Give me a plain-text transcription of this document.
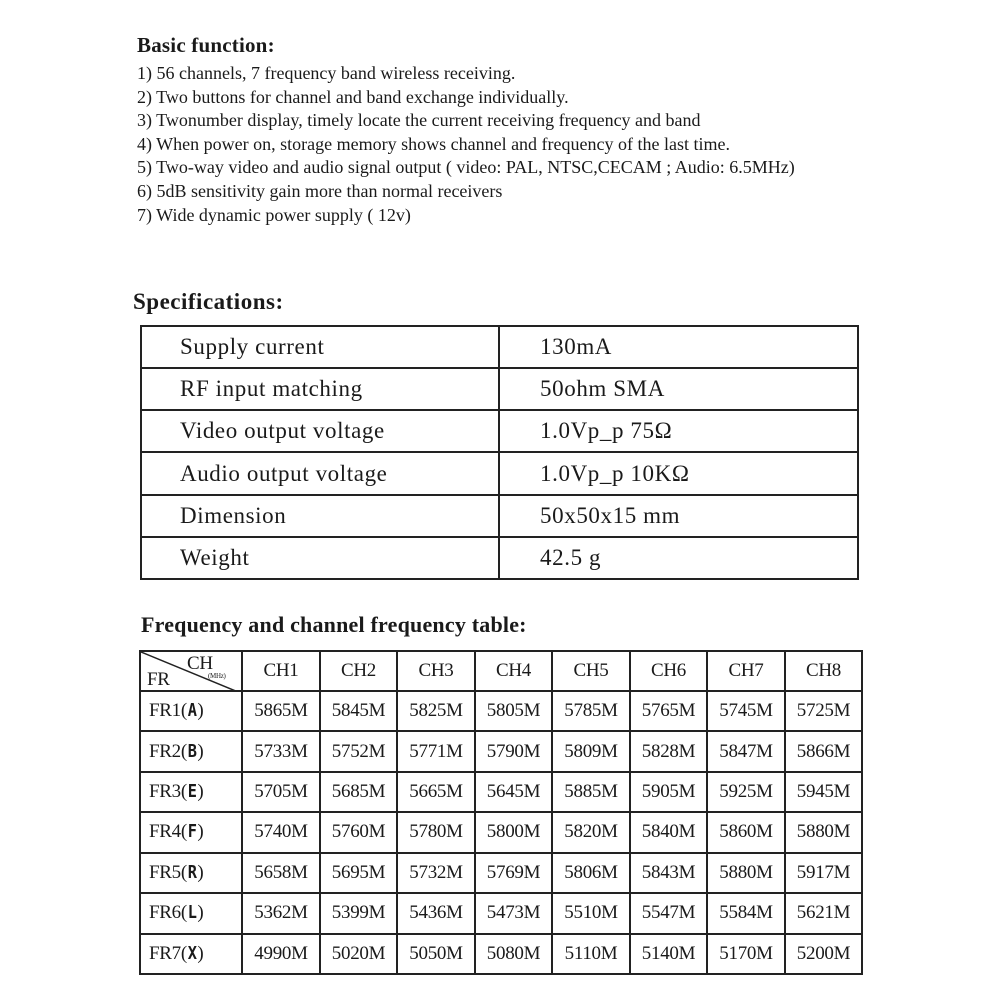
Basic function:
1) 56 channels, 7 frequency band wireless receiving.
2) Two buttons for channel and band exchange individually.
3) Twonumber display, timely locate the current receiving frequency and band
4) When power on, storage memory shows channel and frequency of the last time.
5) Two-way video and audio signal output ( video: PAL, NTSC,CECAM ; Audio: 6.5MHz)
6) 5dB sensitivity gain more than normal receivers
7) Wide dynamic power supply ( 12v)
Specifications:
Supply current	130mA
RF input matching	50ohm SMA
Video output voltage	1.0Vp_p 75Ω
Audio output voltage	1.0Vp_p 10KΩ
Dimension	50x50x15 mm
Weight	42.5 g
Frequency and channel frequency table:
CH
(MHz)
FR	CH1	CH2	CH3	CH4	CH5	CH6	CH7	CH8
FR1(A)	5865M	5845M	5825M	5805M	5785M	5765M	5745M	5725M
FR2(B)	5733M	5752M	5771M	5790M	5809M	5828M	5847M	5866M
FR3(E)	5705M	5685M	5665M	5645M	5885M	5905M	5925M	5945M
FR4(F)	5740M	5760M	5780M	5800M	5820M	5840M	5860M	5880M
FR5(R)	5658M	5695M	5732M	5769M	5806M	5843M	5880M	5917M
FR6(L)	5362M	5399M	5436M	5473M	5510M	5547M	5584M	5621M
FR7(X)	4990M	5020M	5050M	5080M	5110M	5140M	5170M	5200M
